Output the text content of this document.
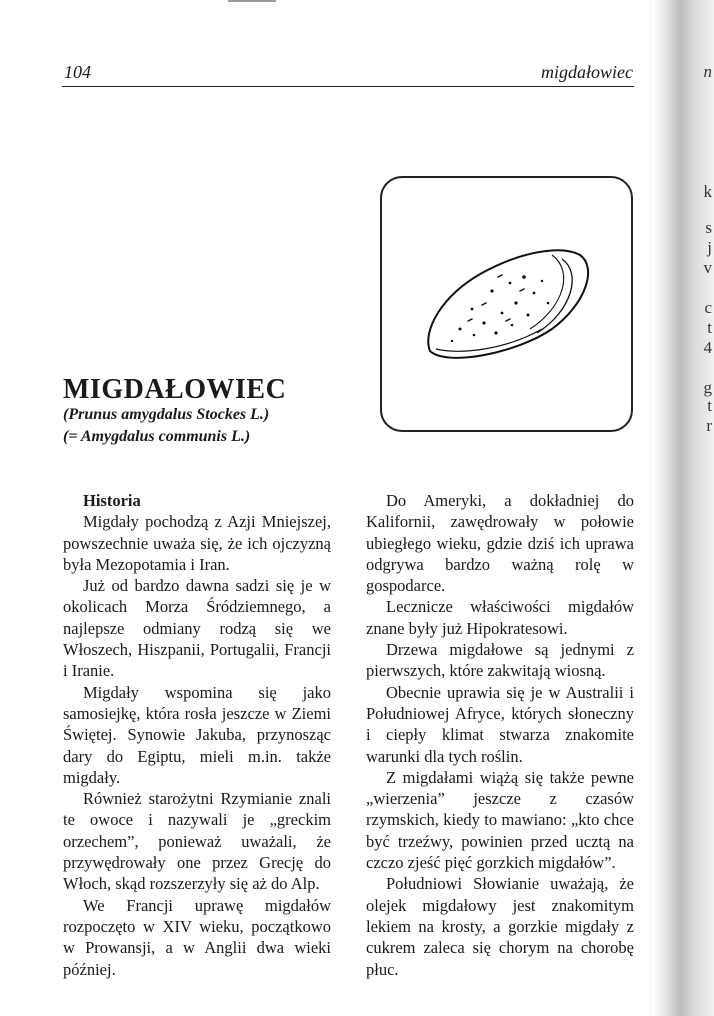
104	migdałowiec
MIGDAŁOWIEC
(Prunus amygdalus Stockes L.)
(= Amygdalus communis L.)

Historia

Migdały pochodzą z Azji Mniejszej, powszechnie uważa się, że ich ojczyzną była Mezopotamia i Iran.

Już od bardzo dawna sadzi się je w okolicach Morza Śródziemnego, a najlepsze odmiany rodzą się we Włoszech, Hiszpanii, Portugalii, Francji i Iranie.

Migdały wspomina się jako samosiejkę, która rosła jeszcze w Ziemi Świętej. Synowie Jakuba, przynosząc dary do Egiptu, mieli m.in. także migdały.

Również starożytni Rzymianie znali te owoce i nazywali je „greckim orzechem”, ponieważ uważali, że przywędrowały one przez Grecję do Włoch, skąd rozszerzyły się aż do Alp.

We Francji uprawę migdałów rozpoczęto w XIV wieku, początkowo w Prowansji, a w Anglii dwa wieki później.

Do Ameryki, a dokładniej do Kalifornii, zawędrowały w połowie ubiegłego wieku, gdzie dziś ich uprawa odgrywa bardzo ważną rolę w gospodarce.

Lecznicze właściwości migdałów znane były już Hipokratesowi.

Drzewa migdałowe są jednymi z pierwszych, które zakwitają wiosną.

Obecnie uprawia się je w Australii i Południowej Afryce, których słoneczny i ciepły klimat stwarza znakomite warunki dla tych roślin.

Z migdałami wiążą się także pewne „wierzenia” jeszcze z czasów rzymskich, kiedy to mawiano: „kto chce być trzeźwy, powinien przed ucztą na czczo zjeść pięć gorzkich migdałów”.

Południowi Słowianie uważają, że olejek migdałowy jest znakomitym lekiem na krosty, a gorzkie migdały z cukrem zaleca się chorym na chorobę płuc.

n
k
s
j
v
c
t
4
g
t
r
